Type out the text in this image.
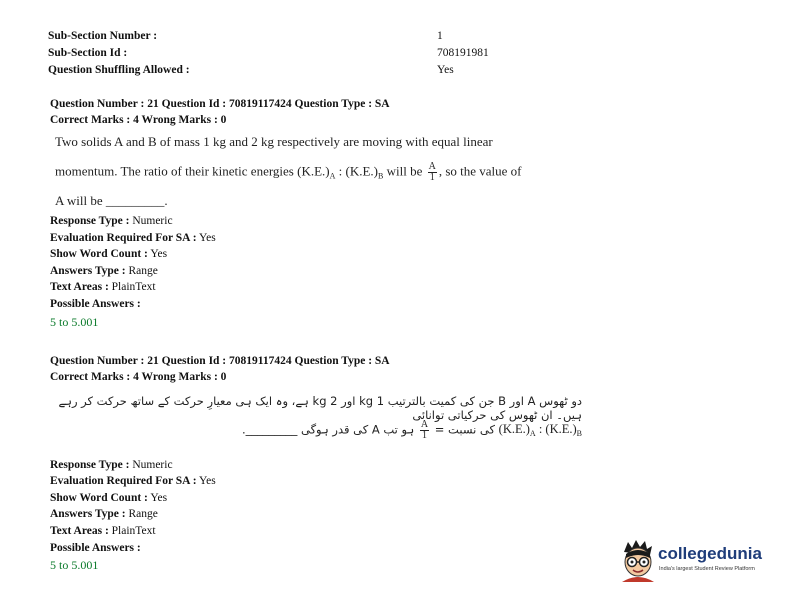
Sub-Section Number :	1
Sub-Section Id :	708191981
Question Shuffling Allowed :	Yes
Question Number : 21 Question Id : 70819117424 Question Type : SA
Correct Marks : 4 Wrong Marks : 0
Two solids A and B of mass 1 kg and 2 kg respectively are moving with equal linear
momentum. The ratio of their kinetic energies $(K.E.)_A$ : $(K.E.)_B$ will be $\frac{A}{1}$ , so the value of
A will be _________.
Response Type : Numeric
Evaluation Required For SA : Yes
Show Word Count : Yes
Answers Type : Range
Text Areas : PlainText
Possible Answers :
5 to 5.001
Question Number : 21 Question Id : 70819117424 Question Type : SA
Correct Marks : 4 Wrong Marks : 0
دو ٹھوس A اور B جن کی کمیت بالترتیب 1 kg اور 2 kg ہے، وہ ایک ہی معیارِ حرکت کے ساتھ حرکت کر رہے ہیں۔ ان ٹھوس کی حرکیاتی توانائی
$(K.E.)_A$ : $(K.E.)_B$ کی نسبت =
$\frac{A}{1}$
ہو تب A کی قدر ہوگی _________.
Response Type : Numeric
Evaluation Required For SA : Yes
Show Word Count : Yes
Answers Type : Range
Text Areas : PlainText
Possible Answers :
5 to 5.001
collegedunia
India's largest Student Review Platform
